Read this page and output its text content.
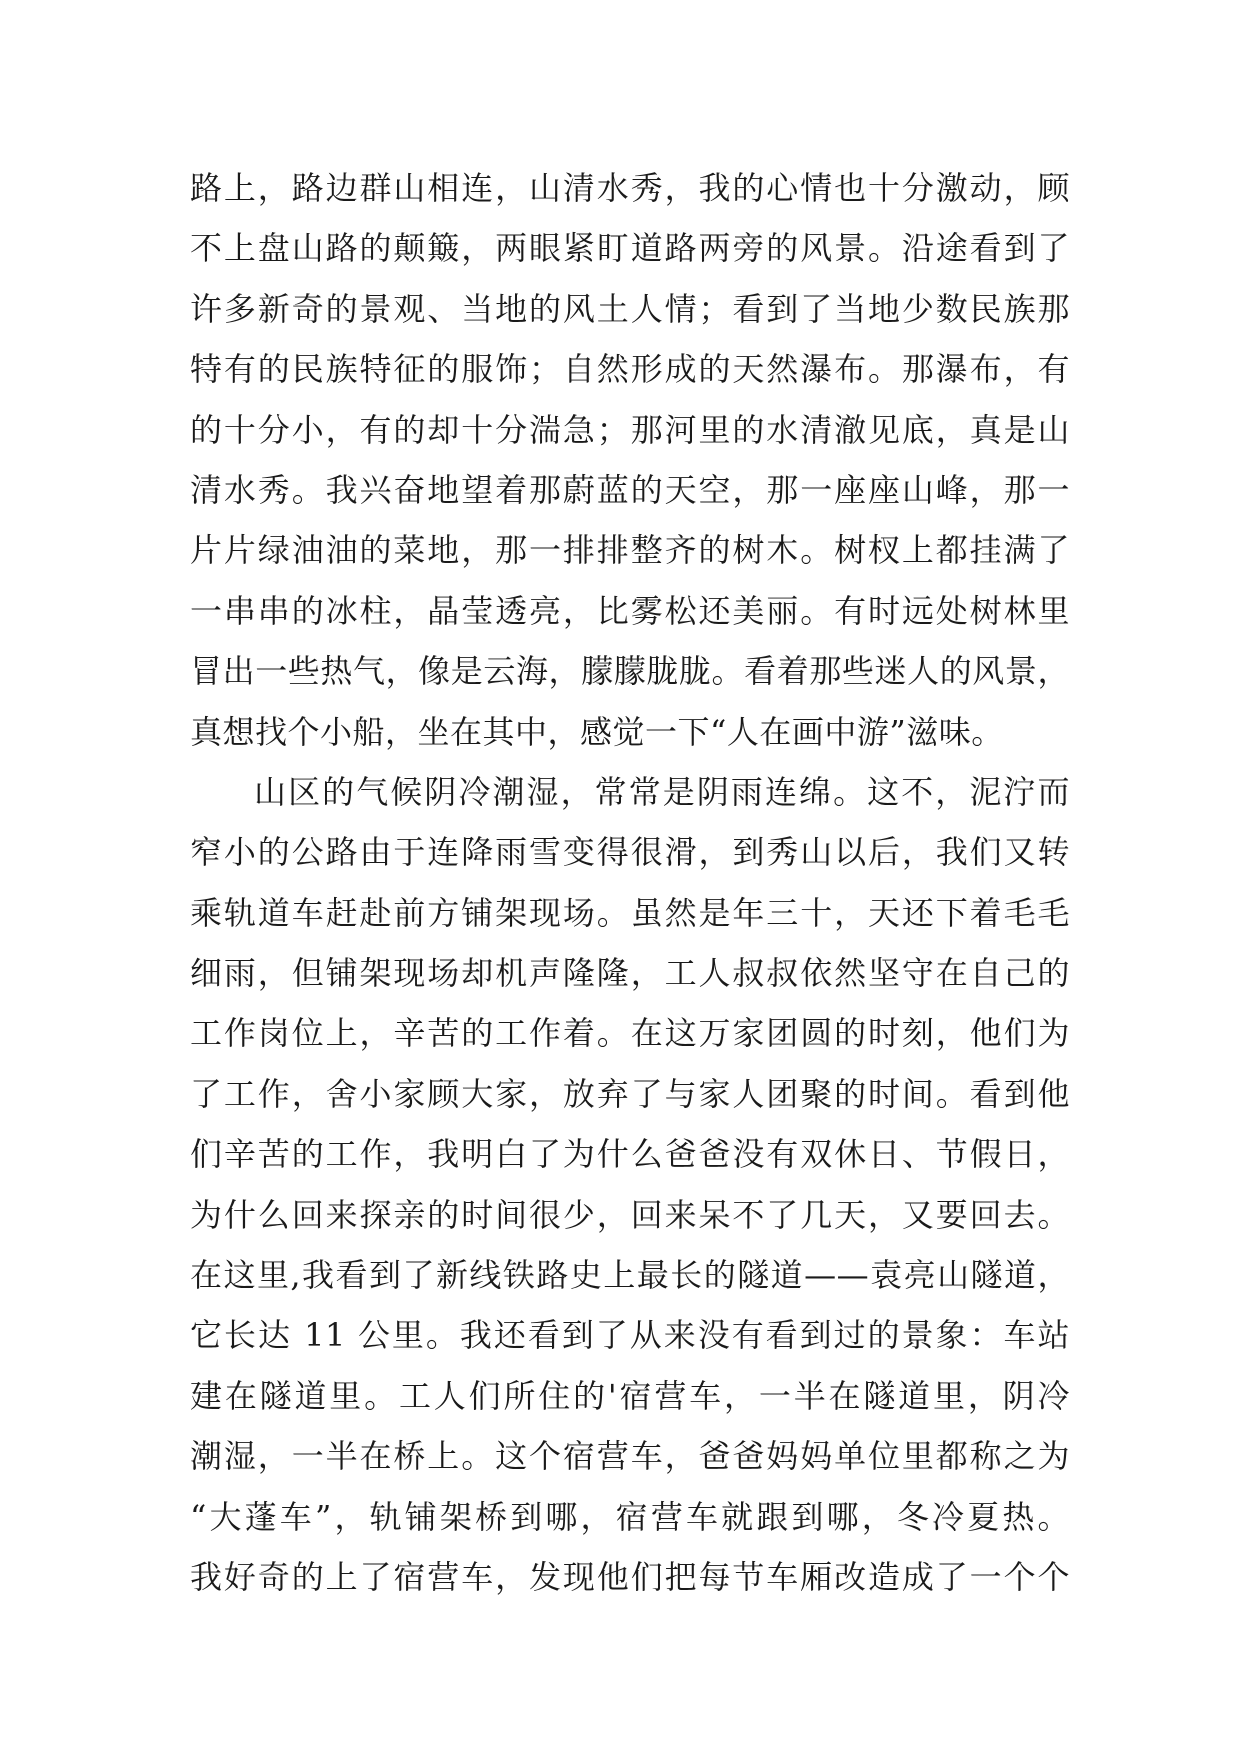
路上，路边群山相连，山清水秀，我的心情也十分激动，顾
不上盘山路的颠簸，两眼紧盯道路两旁的风景。沿途看到了
许多新奇的景观、当地的风土人情；看到了当地少数民族那
特有的民族特征的服饰；自然形成的天然瀑布。那瀑布，有
的十分小，有的却十分湍急；那河里的水清澈见底，真是山
清水秀。我兴奋地望着那蔚蓝的天空，那一座座山峰，那一
片片绿油油的菜地，那一排排整齐的树木。树杈上都挂满了
一串串的冰柱，晶莹透亮，比雾松还美丽。有时远处树林里
冒出一些热气，像是云海，朦朦胧胧。看着那些迷人的风景，
真想找个小船，坐在其中，感觉一下“人在画中游”滋味。
山区的气候阴冷潮湿，常常是阴雨连绵。这不，泥泞而
窄小的公路由于连降雨雪变得很滑，到秀山以后，我们又转
乘轨道车赶赴前方铺架现场。虽然是年三十，天还下着毛毛
细雨，但铺架现场却机声隆隆，工人叔叔依然坚守在自己的
工作岗位上，辛苦的工作着。在这万家团圆的时刻，他们为
了工作，舍小家顾大家，放弃了与家人团聚的时间。看到他
们辛苦的工作，我明白了为什么爸爸没有双休日、节假日，
为什么回来探亲的时间很少，回来呆不了几天，又要回去。
在这里,我看到了新线铁路史上最长的隧道——袁亮山隧道，
它长达 11 公里。我还看到了从来没有看到过的景象：车站
建在隧道里。工人们所住的'宿营车，一半在隧道里，阴冷
潮湿，一半在桥上。这个宿营车，爸爸妈妈单位里都称之为
“大蓬车”，轨铺架桥到哪，宿营车就跟到哪，冬冷夏热。
我好奇的上了宿营车，发现他们把每节车厢改造成了一个个
